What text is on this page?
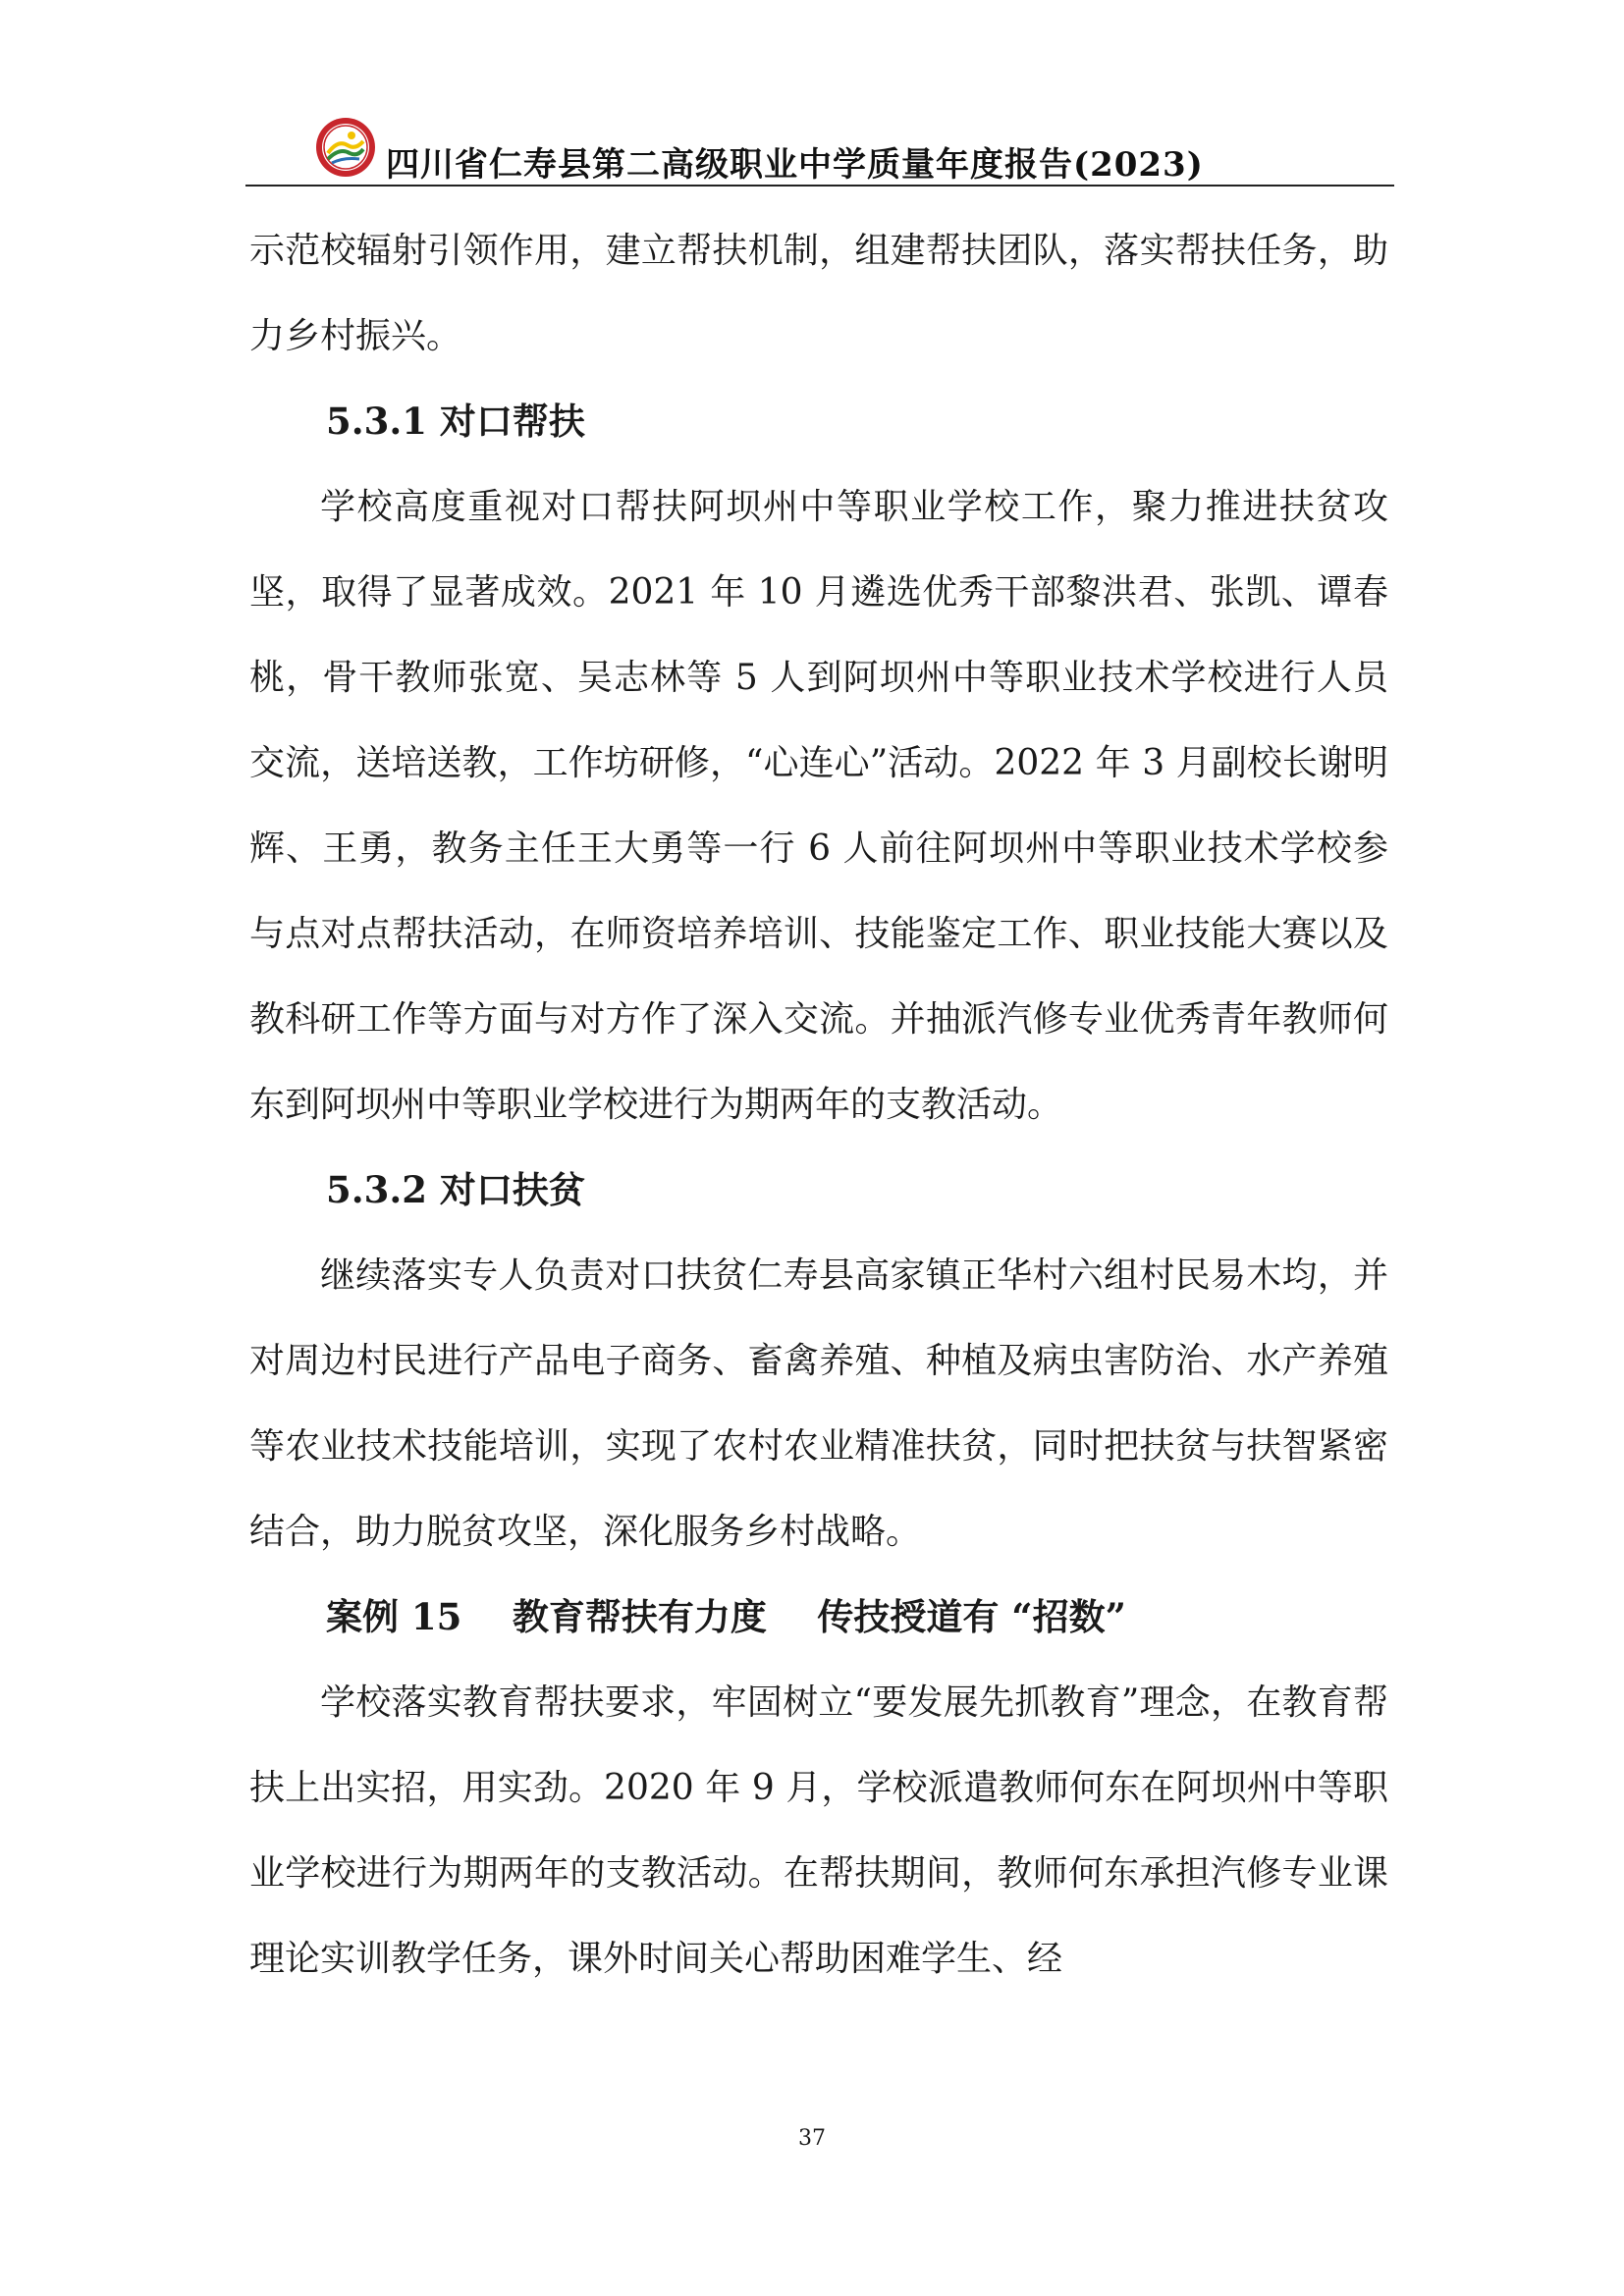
四川省仁寿县第二高级职业中学质量年度报告(2023)

示范校辐射引领作用，建立帮扶机制，组建帮扶团队，落实帮扶任务，助力乡村振兴。

5.3.1 对口帮扶

学校高度重视对口帮扶阿坝州中等职业学校工作，聚力推进扶贫攻坚，取得了显著成效。2021 年 10 月遴选优秀干部黎洪君、张凯、谭春桃，骨干教师张宽、吴志林等 5 人到阿坝州中等职业技术学校进行人员交流，送培送教，工作坊研修，“心连心”活动。2022 年 3 月副校长谢明辉、王勇，教务主任王大勇等一行 6 人前往阿坝州中等职业技术学校参与点对点帮扶活动，在师资培养培训、技能鉴定工作、职业技能大赛以及教科研工作等方面与对方作了深入交流。并抽派汽修专业优秀青年教师何东到阿坝州中等职业学校进行为期两年的支教活动。

5.3.2 对口扶贫

继续落实专人负责对口扶贫仁寿县高家镇正华村六组村民易木均，并对周边村民进行产品电子商务、畜禽养殖、种植及病虫害防治、水产养殖等农业技术技能培训，实现了农村农业精准扶贫，同时把扶贫与扶智紧密结合，助力脱贫攻坚，深化服务乡村战略。

案例 15    教育帮扶有力度    传技授道有 “招数”

学校落实教育帮扶要求，牢固树立“要发展先抓教育”理念，在教育帮扶上出实招，用实劲。2020 年 9 月，学校派遣教师何东在阿坝州中等职业学校进行为期两年的支教活动。在帮扶期间，教师何东承担汽修专业课理论实训教学任务，课外时间关心帮助困难学生、经

37
